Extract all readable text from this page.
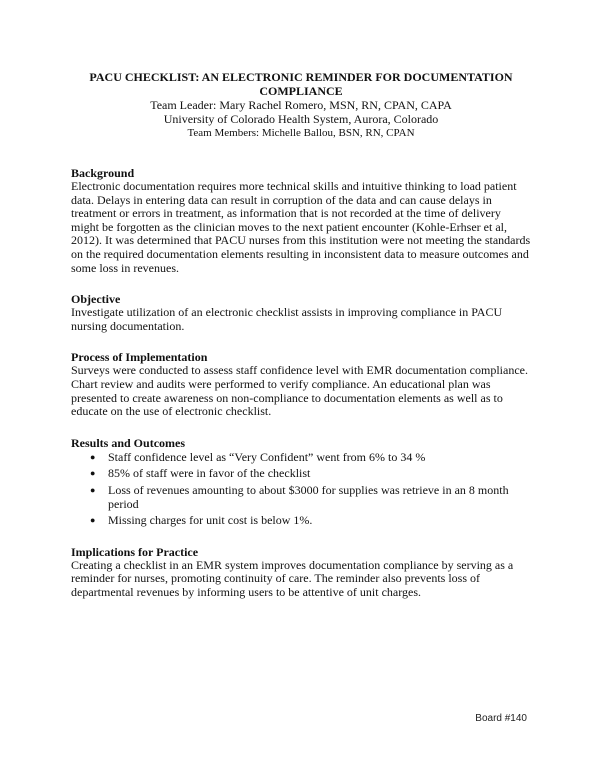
PACU CHECKLIST: AN ELECTRONIC REMINDER FOR DOCUMENTATION
COMPLIANCE
Team Leader: Mary Rachel Romero, MSN, RN, CPAN, CAPA
University of Colorado Health System, Aurora, Colorado
Team Members: Michelle Ballou, BSN, RN, CPAN
Background

Electronic documentation requires more technical skills and intuitive thinking to load patient data. Delays in entering data can result in corruption of the data and can cause delays in treatment or errors in treatment, as information that is not recorded at the time of delivery might be forgotten as the clinician moves to the next patient encounter (Kohle-Erhser et al, 2012). It was determined that PACU nurses from this institution were not meeting the standards on the required documentation elements resulting in inconsistent data to measure outcomes and some loss in revenues.

Objective

Investigate utilization of an electronic checklist assists in improving compliance in PACU nursing documentation.

Process of Implementation

Surveys were conducted to assess staff confidence level with EMR documentation compliance. Chart review and audits were performed to verify compliance. An educational plan was presented to create awareness on non-compliance to documentation elements as well as to educate on the use of electronic checklist.

Results and Outcomes
● Staff confidence level as “Very Confident” went from 6% to 34 %
● 85% of staff were in favor of the checklist
● Loss of revenues amounting to about $3000 for supplies was retrieve in an 8 month period
● Missing charges for unit cost is below 1%.
Implications for Practice

Creating a checklist in an EMR system improves documentation compliance by serving as a reminder for nurses, promoting continuity of care. The reminder also prevents loss of departmental revenues by informing users to be attentive of unit charges.

Board #140
